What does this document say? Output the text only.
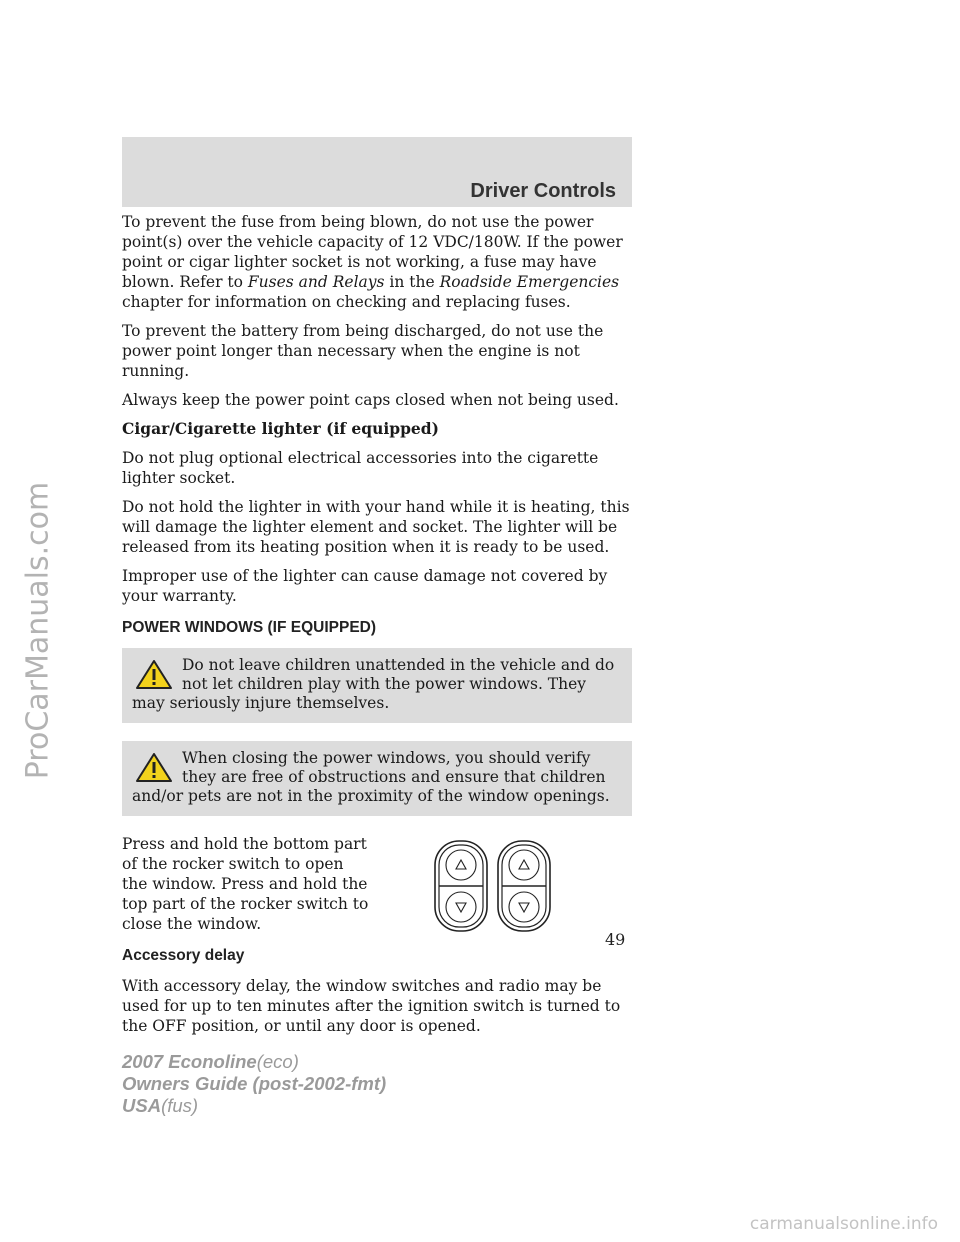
ProCarManuals.com
Driver Controls

To prevent the fuse from being blown, do not use the power point(s) over the vehicle capacity of 12 VDC/180W. If the power point or cigar lighter socket is not working, a fuse may have blown. Refer to Fuses and Relays in the Roadside Emergencies chapter for information on checking and replacing fuses.

To prevent the battery from being discharged, do not use the power point longer than necessary when the engine is not running.

Always keep the power point caps closed when not being used.

Cigar/Cigarette lighter (if equipped)

Do not plug optional electrical accessories into the cigarette lighter socket.

Do not hold the lighter in with your hand while it is heating, this will damage the lighter element and socket. The lighter will be released from its heating position when it is ready to be used.

Improper use of the lighter can cause damage not covered by your warranty.

POWER WINDOWS (IF EQUIPPED)
Do not leave children unattended in the vehicle and do not let children play with the power windows. They may seriously injure themselves.
When closing the power windows, you should verify they are free of obstructions and ensure that children and/or pets are not in the proximity of the window openings.
Press and hold the bottom part of the rocker switch to open the window. Press and hold the top part of the rocker switch to close the window.
Accessory delay

With accessory delay, the window switches and radio may be used for up to ten minutes after the ignition switch is turned to the OFF position, or until any door is opened.

49
2007 Econoline(eco)
Owners Guide (post-2002-fmt)
USA(fus)
carmanualsonline.info
